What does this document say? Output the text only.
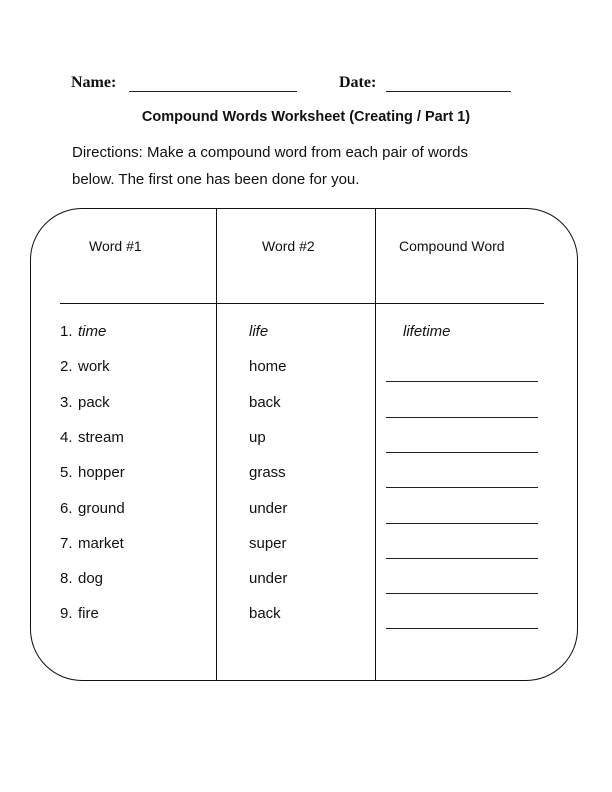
Name:	Date:
Compound Words Worksheet (Creating / Part 1)
Directions: Make a compound word from each pair of words
below. The first one has been done for you.
Word #1	Word #2	Compound Word
1. time	life	lifetime
2. work	home
3. pack	back
4. stream	up
5. hopper	grass
6. ground	under
7. market	super
8. dog	under
9. fire	back
